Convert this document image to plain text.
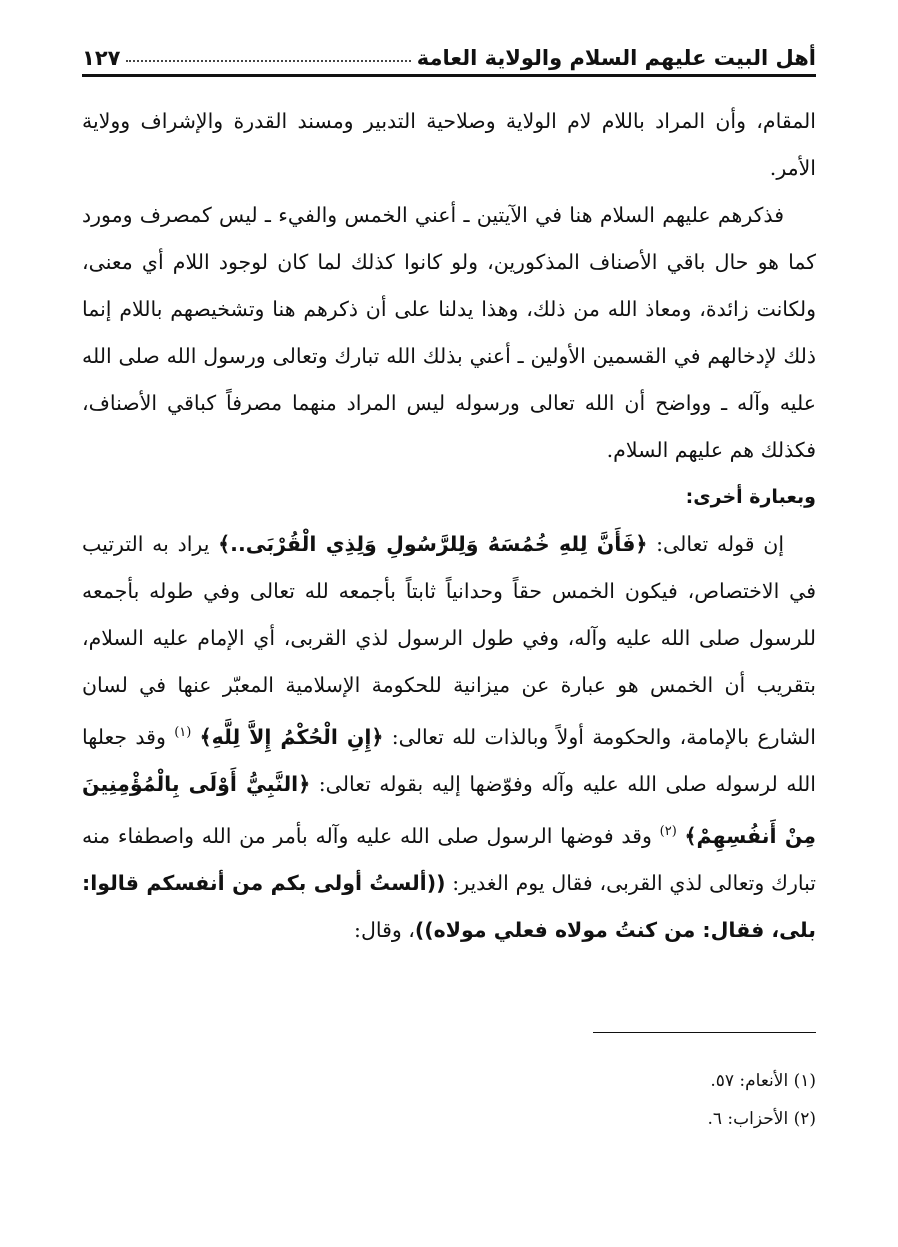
أهل البيت عليهم السلام والولاية العامة
١٢٧

المقام، وأن المراد باللام لام الولاية وصلاحية التدبير ومسند القدرة والإشراف وولاية الأمر.

فذكرهم عليهم السلام هنا في الآيتين ـ أعني الخمس والفيء ـ ليس كمصرف ومورد كما هو حال باقي الأصناف المذكورين، ولو كانوا كذلك لما كان لوجود اللام أي معنى، ولكانت زائدة، ومعاذ الله من ذلك، وهذا يدلنا على أن ذكرهم هنا وتشخيصهم باللام إنما ذلك لإدخالهم في القسمين الأولين ـ أعني بذلك الله تبارك وتعالى ورسول الله صلى الله عليه وآله ـ وواضح أن الله تعالى ورسوله ليس المراد منهما مصرفاً كباقي الأصناف، فكذلك هم عليهم السلام.

وبعبارة أخرى:

إن قوله تعالى: ﴿فَأَنَّ لِلهِ خُمُسَهُ وَلِلرَّسُولِ وَلِذِي الْقُرْبَى..﴾ يراد به الترتيب في الاختصاص، فيكون الخمس حقاً وحدانياً ثابتاً بأجمعه لله تعالى وفي طوله بأجمعه للرسول صلى الله عليه وآله، وفي طول الرسول لذي القربى، أي الإمام عليه السلام، بتقريب أن الخمس هو عبارة عن ميزانية للحكومة الإسلامية المعبّر عنها في لسان الشارع بالإمامة، والحكومة أولاً وبالذات لله تعالى: ﴿إِنِ الْحُكْمُ إِلاَّ لِلَّهِ﴾ $^{(١)}$ وقد جعلها الله لرسوله صلى الله عليه وآله وفوّضها إليه بقوله تعالى: ﴿النَّبِيُّ أَوْلَى بِالْمُؤْمِنِينَ مِنْ أَنفُسِهِمْ﴾ $^{(٢)}$ وقد فوضها الرسول صلى الله عليه وآله بأمر من الله واصطفاء منه تبارك وتعالى لذي القربى، فقال يوم الغدير: ((ألستُ أولى بكم من أنفسكم قالوا: بلى، فقال: من كنتُ مولاه فعلي مولاه))، وقال:

(١) الأنعام: ٥٧.
(٢) الأحزاب: ٦.
